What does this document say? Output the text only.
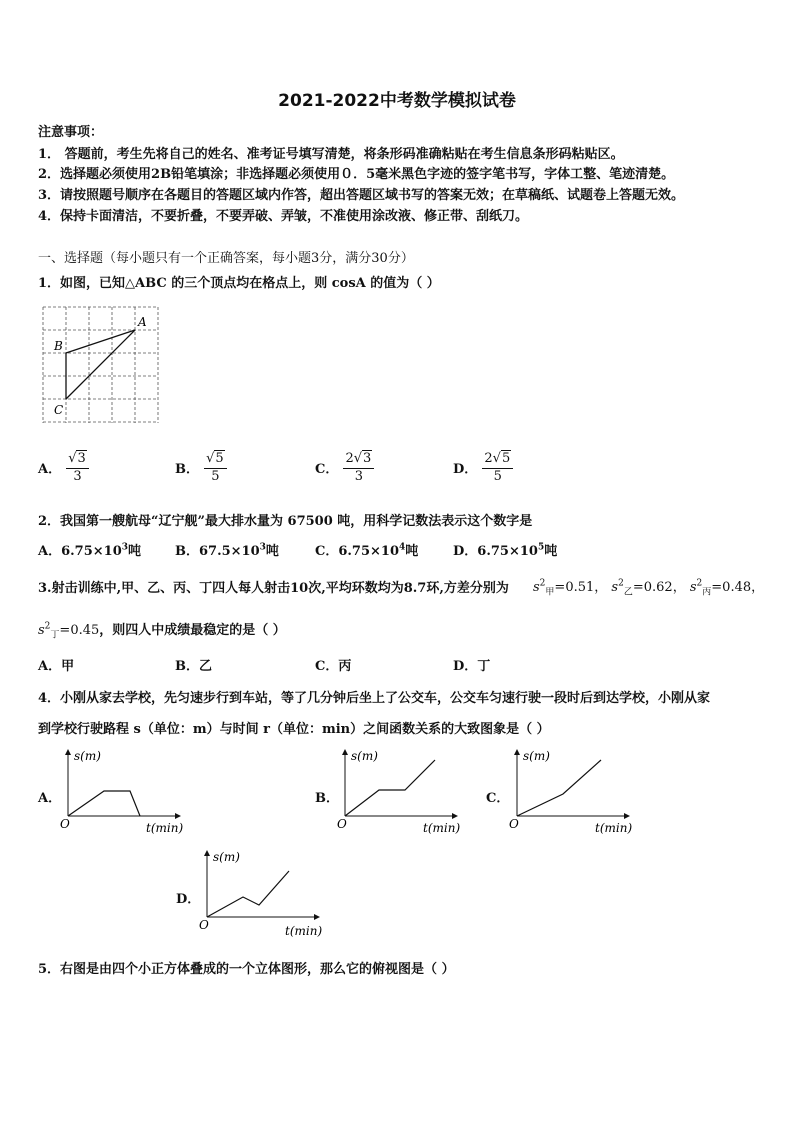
2021-2022中考数学模拟试卷
注意事项：
1． 答题前，考生先将自己的姓名、准考证号填写清楚，将条形码准确粘贴在考生信息条形码粘贴区。
2．选择题必须使用2B铅笔填涂；非选择题必须使用０．5毫米黑色字迹的签字笔书写，字体工整、笔迹清楚。
3．请按照题号顺序在各题目的答题区域内作答，超出答题区域书写的答案无效；在草稿纸、试题卷上答题无效。
4．保持卡面清洁，不要折叠，不要弄破、弄皱，不准使用涂改液、修正带、刮纸刀。
一、选择题（每小题只有一个正确答案，每小题3分，满分30分）
1．如图，已知△ABC 的三个顶点均在格点上，则 cosA 的值为（ ）
A
B
C
A． $\frac{√3}{3}$	B． $\frac{√5}{5}$	C． $\frac{2√3}{3}$	D． $\frac{2√5}{5}$
2．我国第一艘航母“辽宁舰”最大排水量为 67500 吨，用科学记数法表示这个数字是
A．$6.75\times 10^3$吨	B．$67.5\times 10^3$吨	C．$6.75\times 10^4$吨	D．$6.75\times 10^5$吨
3.射击训练中,甲、乙、丙、丁四人每人射击10次,平均环数均为8.7环,方差分别为 $s^2_甲=0.51$， $s^2_乙=0.62$， $s^2_丙=0.48$，
$s^2_丁=0.45$，则四人中成绩最稳定的是（ ）
A．甲	B．乙	C．丙	D．丁
4．小刚从家去学校，先匀速步行到车站，等了几分钟后坐上了公交车，公交车匀速行驶一段时后到达学校，小刚从家
到学校行驶路程 s（单位：m）与时间 r（单位：min）之间函数关系的大致图象是（ ）
A．
s(m)
t(min)
O
B．
s(m)
t(min)
O
C．
s(m)
t(min)
O
D．
s(m)
t(min)
O
5．右图是由四个小正方体叠成的一个立体图形，那么它的俯视图是（ ）
